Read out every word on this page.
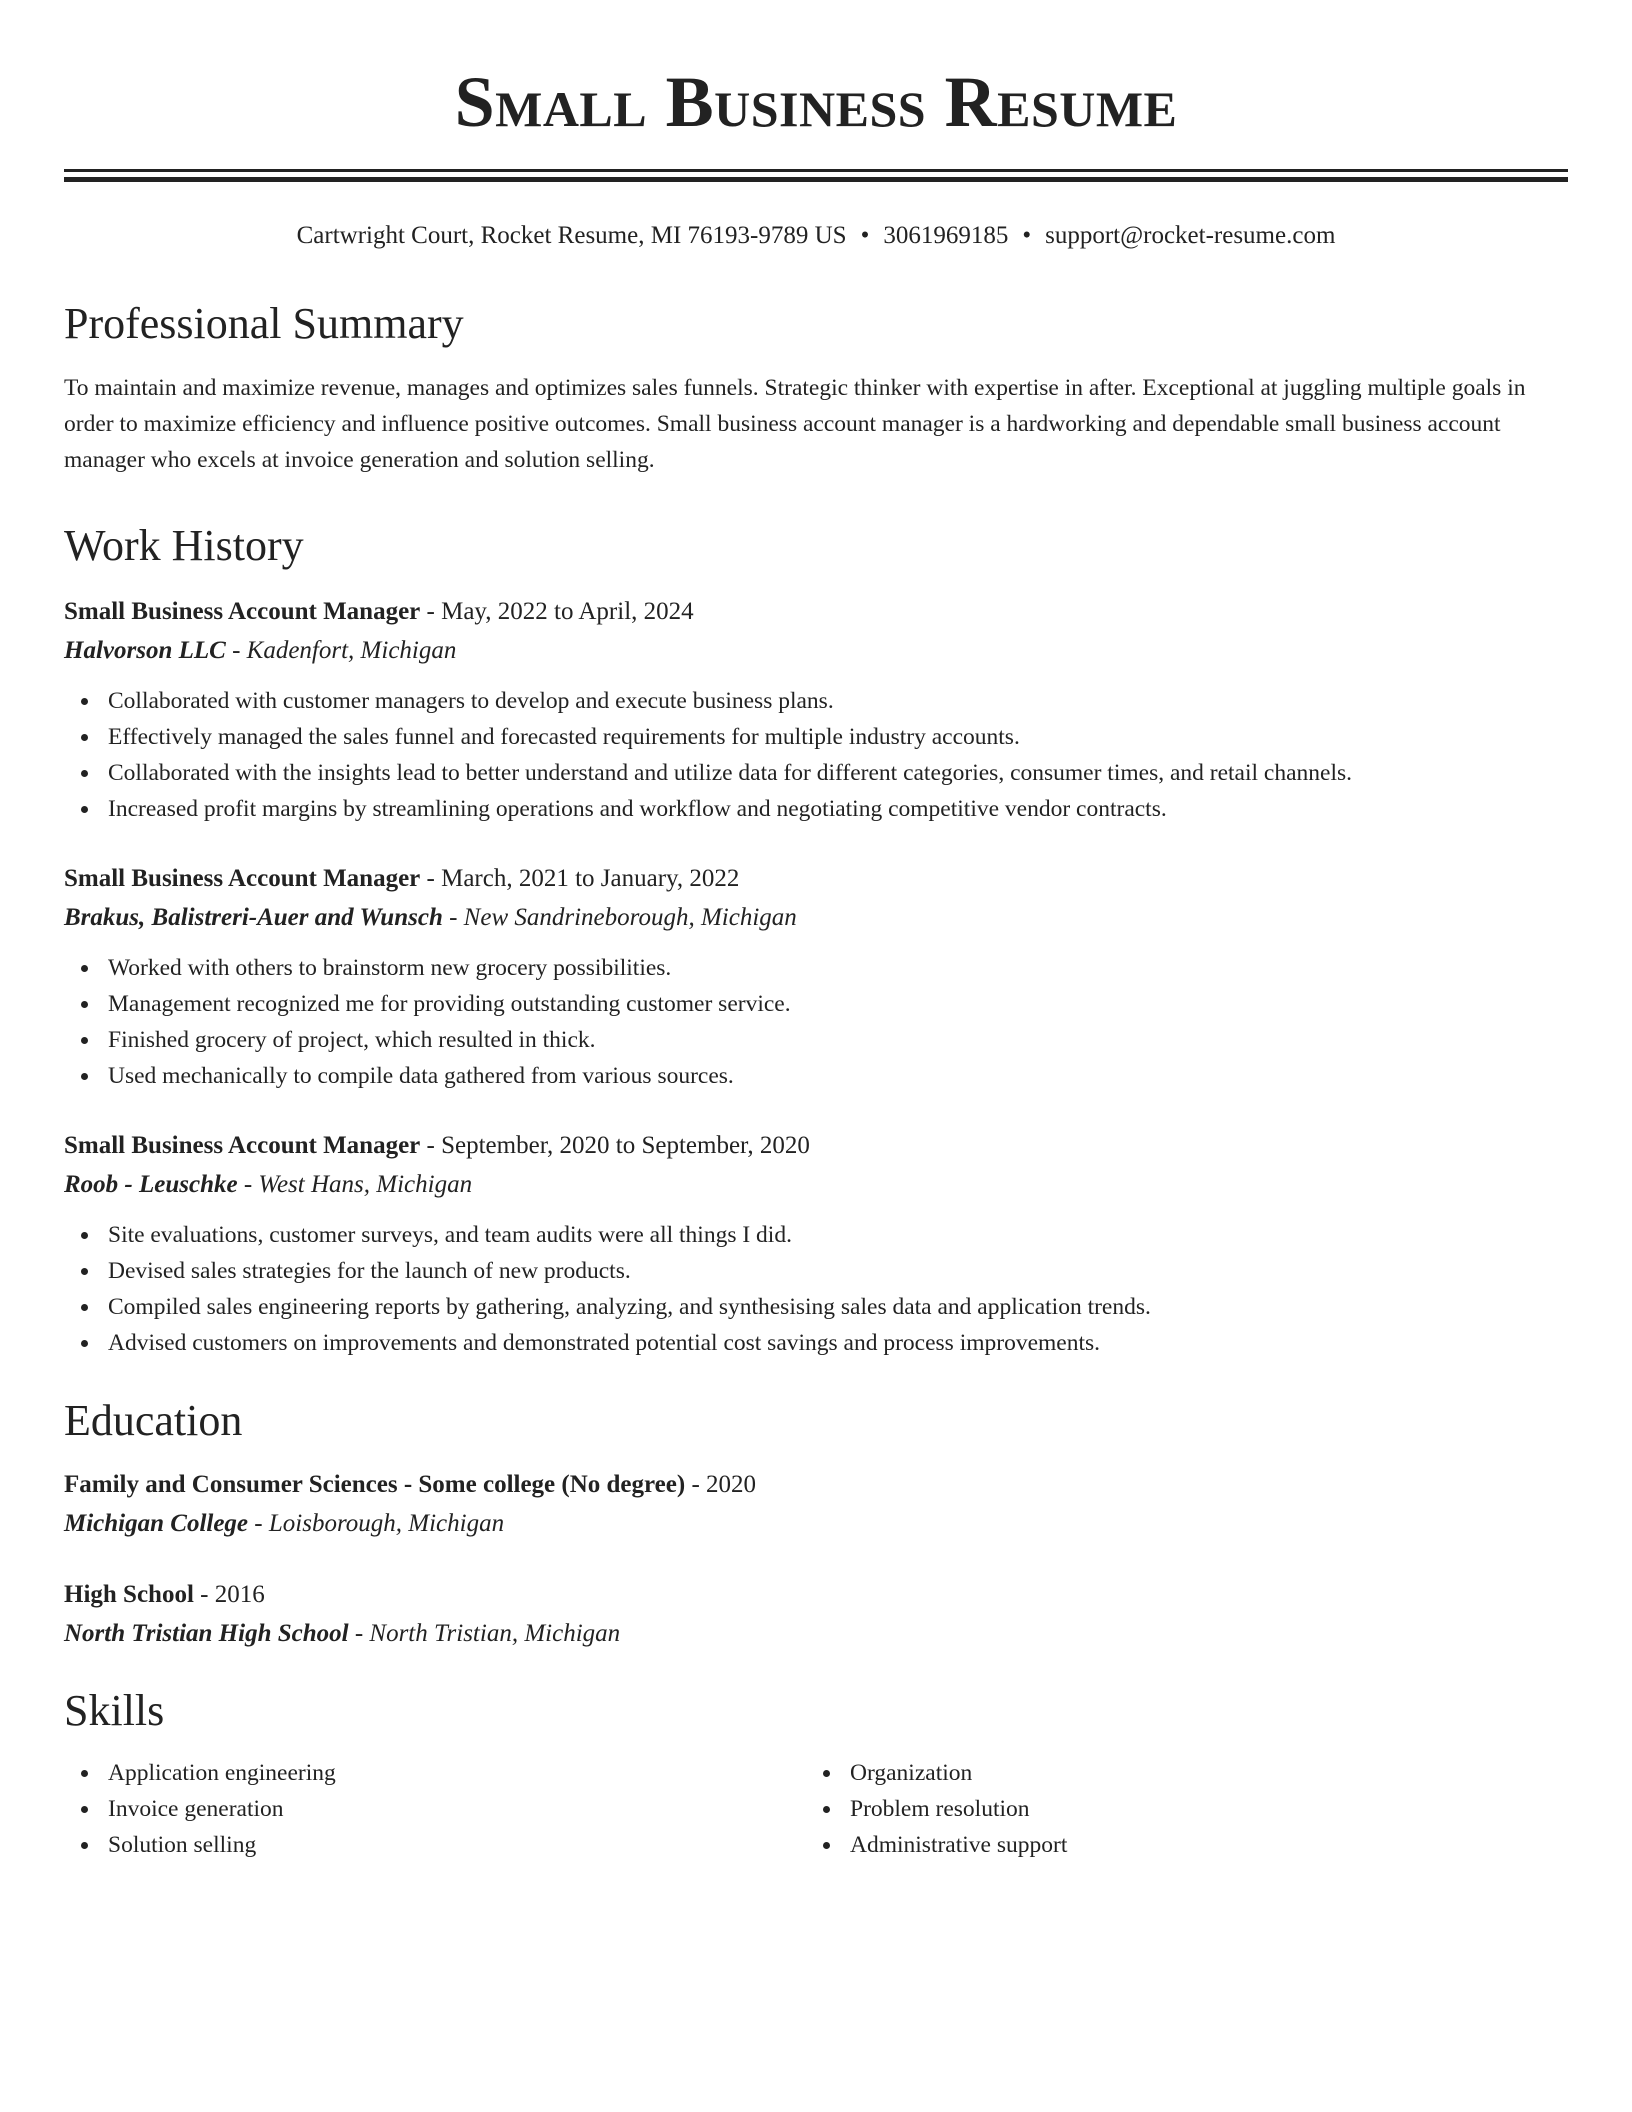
Small Business Resume
Cartwright Court, Rocket Resume, MI 76193-9789 US • 3061969185 • support@rocket-resume.com
Professional Summary

To maintain and maximize revenue, manages and optimizes sales funnels. Strategic thinker with expertise in after. Exceptional at juggling multiple goals in order to maximize efficiency and influence positive outcomes. Small business account manager is a hardworking and dependable small business account manager who excels at invoice generation and solution selling.

Work History
Small Business Account Manager - May, 2022 to April, 2024
Halvorson LLC - Kadenfort, Michigan
Collaborated with customer managers to develop and execute business plans.
Effectively managed the sales funnel and forecasted requirements for multiple industry accounts.
Collaborated with the insights lead to better understand and utilize data for different categories, consumer times, and retail channels.
Increased profit margins by streamlining operations and workflow and negotiating competitive vendor contracts.
Small Business Account Manager - March, 2021 to January, 2022
Brakus, Balistreri-Auer and Wunsch - New Sandrineborough, Michigan
Worked with others to brainstorm new grocery possibilities.
Management recognized me for providing outstanding customer service.
Finished grocery of project, which resulted in thick.
Used mechanically to compile data gathered from various sources.
Small Business Account Manager - September, 2020 to September, 2020
Roob - Leuschke - West Hans, Michigan
Site evaluations, customer surveys, and team audits were all things I did.
Devised sales strategies for the launch of new products.
Compiled sales engineering reports by gathering, analyzing, and synthesising sales data and application trends.
Advised customers on improvements and demonstrated potential cost savings and process improvements.
Education
Family and Consumer Sciences - Some college (No degree) - 2020
Michigan College - Loisborough, Michigan
High School - 2016
North Tristian High School - North Tristian, Michigan
Skills
Application engineering
Invoice generation
Solution selling
Organization
Problem resolution
Administrative support
